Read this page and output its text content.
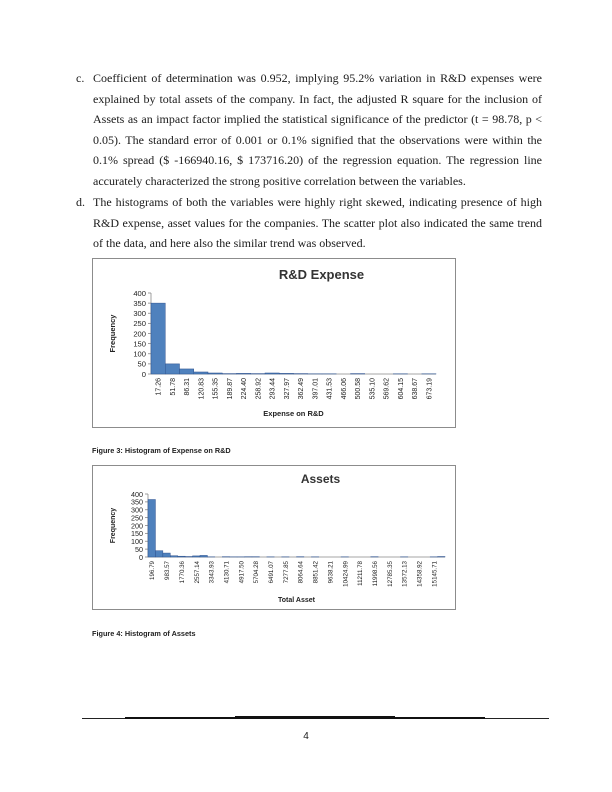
c. Coefficient of determination was 0.952, implying 95.2% variation in R&D expenses were explained by total assets of the company. In fact, the adjusted R square for the inclusion of Assets as an impact factor implied the statistical significance of the predictor (t = 98.78, p < 0.05). The standard error of 0.001 or 0.1% signified that the observations were within the 0.1% spread ($ -166940.16, $ 173716.20) of the regression equation. The regression line accurately characterized the strong positive correlation between the variables.
d. The histograms of both the variables were highly right skewed, indicating presence of high R&D expense, asset values for the companies. The scatter plot also indicated the same trend of the data, and here also the similar trend was observed.
R&D Expense
0
50
100
150
200
250
300
350
400
17.26 51.78 86.31 120.83 155.35 189.87 224.40 258.92 293.44 327.97 362.49 397.01 431.53 466.06 500.58 535.10 569.62 604.15 638.67 673.19
Expense on R&D
Frequency
Figure 3: Histogram of Expense on R&D
Assets
0
50
100
150
200
250
300
350
400
196.79 983.57 1770.36 2557.14 3343.93 4130.71 4917.50 5704.28 6491.07 7277.85 8064.64 8851.42 9638.21 10424.99 11211.78 11998.56 12785.35 13572.13 14358.92 15145.71
Total Asset
Frequency
Figure 4: Histogram of Assets
4
